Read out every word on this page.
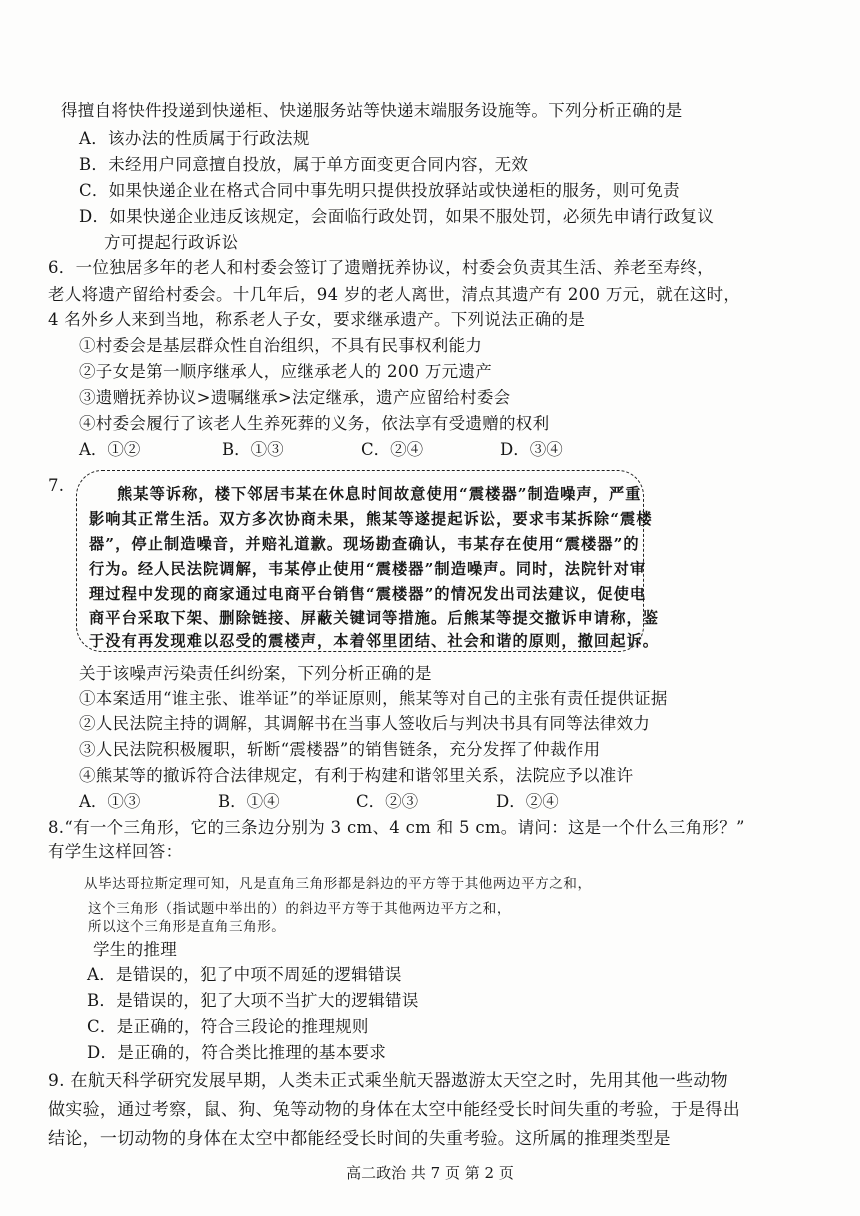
得擅自将快件投递到快递柜、快递服务站等快递末端服务设施等。下列分析正确的是
A．该办法的性质属于行政法规
B．未经用户同意擅自投放，属于单方面变更合同内容，无效
C．如果快递企业在格式合同中事先明只提供投放驿站或快递柜的服务，则可免责
D．如果快递企业违反该规定，会面临行政处罚，如果不服处罚，必须先申请行政复议
方可提起行政诉讼
6．一位独居多年的老人和村委会签订了遗赠抚养协议，村委会负责其生活、养老至寿终，
老人将遗产留给村委会。十几年后，94 岁的老人离世，清点其遗产有 200 万元，就在这时，
4 名外乡人来到当地，称系老人子女，要求继承遗产。下列说法正确的是
①村委会是基层群众性自治组织，不具有民事权利能力
②子女是第一顺序继承人，应继承老人的 200 万元遗产
③遗赠抚养协议>遗嘱继承>法定继承，遗产应留给村委会
④村委会履行了该老人生养死葬的义务，依法享有受遗赠的权利
A．①②	B．①③	C．②④	D．③④
7.	熊某等诉称，楼下邻居韦某在休息时间故意使用“震楼器”制造噪声，严重
影响其正常生活。双方多次协商未果，熊某等遂提起诉讼，要求韦某拆除“震楼
器”，停止制造噪音，并赔礼道歉。现场勘查确认，韦某存在使用“震楼器”的
行为。经人民法院调解，韦某停止使用“震楼器”制造噪声。同时，法院针对审
理过程中发现的商家通过电商平台销售“震楼器”的情况发出司法建议，促使电
商平台采取下架、删除链接、屏蔽关键词等措施。后熊某等提交撤诉申请称，鉴
于没有再发现难以忍受的震楼声，本着邻里团结、社会和谐的原则，撤回起诉。
关于该噪声污染责任纠纷案，下列分析正确的是
①本案适用“谁主张、谁举证”的举证原则，熊某等对自己的主张有责任提供证据
②人民法院主持的调解，其调解书在当事人签收后与判决书具有同等法律效力
③人民法院积极履职，斩断“震楼器”的销售链条，充分发挥了仲裁作用
④熊某等的撤诉符合法律规定，有利于构建和谐邻里关系，法院应予以准许
A．①③	B．①④	C．②③	D．②④
8.“有一个三角形，它的三条边分别为 3 cm、4 cm 和 5 cm。请问：这是一个什么三角形？”
有学生这样回答：
从毕达哥拉斯定理可知，凡是直角三角形都是斜边的平方等于其他两边平方之和，
这个三角形（指试题中举出的）的斜边平方等于其他两边平方之和，
所以这个三角形是直角三角形。
学生的推理
A．是错误的，犯了中项不周延的逻辑错误
B．是错误的，犯了大项不当扩大的逻辑错误
C．是正确的，符合三段论的推理规则
D．是正确的，符合类比推理的基本要求
9. 在航天科学研究发展早期，人类未正式乘坐航天器遨游太天空之时，先用其他一些动物
做实验，通过考察，鼠、狗、兔等动物的身体在太空中能经受长时间失重的考验，于是得出
结论，一切动物的身体在太空中都能经受长时间的失重考验。这所属的推理类型是
高二政治 共 7 页 第 2 页
